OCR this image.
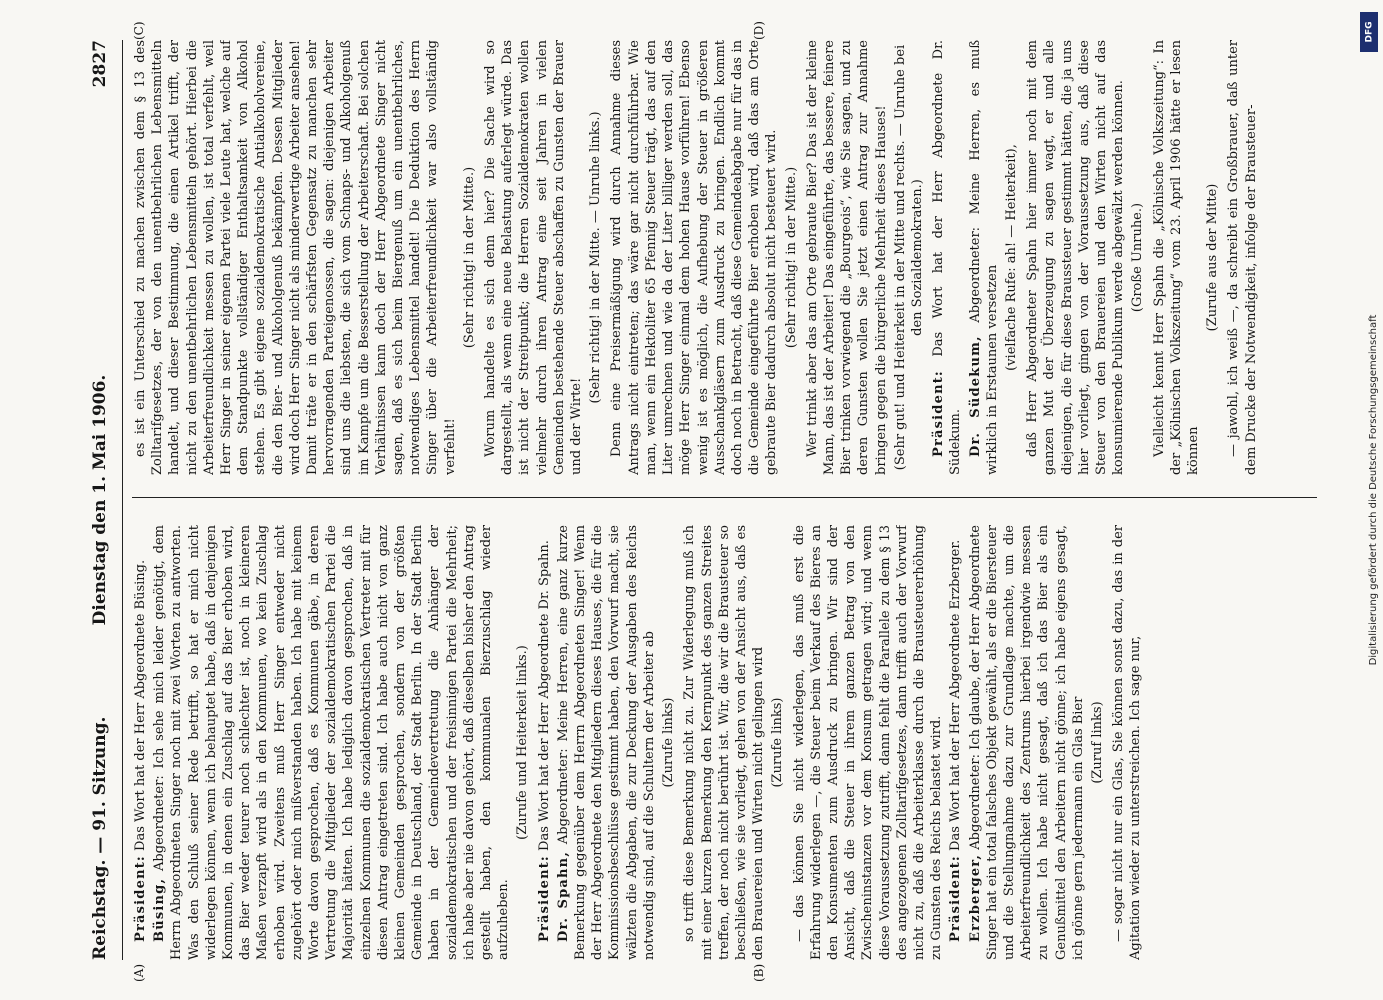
Reichstag. — 91. Sitzung.
Dienstag den 1. Mai 1906.
2827
(A)	(B)
(C)	(D)

Präsident: Das Wort hat der Herr Abgeordnete Büsing.

Büsing, Abgeordneter: Ich sehe mich leider genötigt, dem Herrn Abgeordneten Singer noch mit zwei Worten zu antworten. Was den Schluß seiner Rede betrifft, so hat er mich nicht widerlegen können, wenn ich behauptet habe, daß in denjenigen Kommunen, in denen ein Zuschlag auf das Bier erhoben wird, das Bier weder teurer noch schlechter ist, noch in kleineren Maßen verzapft wird als in den Kommunen, wo kein Zuschlag erhoben wird. Zweitens muß Herr Singer entweder nicht zugehört oder mich mißverstanden haben. Ich habe mit keinem Worte davon gesprochen, daß es Kommunen gäbe, in deren Vertretung die Mitglieder der sozialdemokratischen Partei die Majorität hätten. Ich habe lediglich davon gesprochen, daß in einzelnen Kommunen die sozialdemokratischen Vertreter mit für diesen Antrag eingetreten sind. Ich habe auch nicht von ganz kleinen Gemeinden gesprochen, sondern von der größten Gemeinde in Deutschland, der Stadt Berlin. In der Stadt Berlin haben in der Gemeindevertretung die Anhänger der sozialdemokratischen und der freisinnigen Partei die Mehrheit; ich habe aber nie davon gehört, daß dieselben bisher den Antrag gestellt haben, den kommunalen Bierzuschlag wieder aufzuheben.

(Zurufe und Heiterkeit links.)

Präsident: Das Wort hat der Herr Abgeordnete Dr. Spahn.

Dr. Spahn, Abgeordneter: Meine Herren, eine ganz kurze Bemerkung gegenüber dem Herrn Abgeordneten Singer! Wenn der Herr Abgeordnete den Mitgliedern dieses Hauses, die für die Kommissionsbeschlüsse gestimmt haben, den Vorwurf macht, sie wälzten die Abgaben, die zur Deckung der Ausgaben des Reichs notwendig sind, auf die Schultern der Arbeiter ab (Zurufe links) so trifft diese Bemerkung nicht zu. Zur Widerlegung muß ich mit einer kurzen Bemerkung den Kernpunkt des ganzen Streites treffen, der noch nicht berührt ist. Wir, die wir die Brausteuer so beschließen, wie sie vorliegt, gehen von der Ansicht aus, daß es den Brauereien und Wirten nicht gelingen wird (Zurufe links) — das können Sie nicht widerlegen, das muß erst die Erfahrung widerlegen —, die Steuer beim Verkauf des Bieres an den Konsumenten zum Ausdruck zu bringen. Wir sind der Ansicht, daß die Steuer in ihrem ganzen Betrag von den Zwischeninstanzen vor dem Konsum getragen wird; und wenn diese Voraussetzung zutrifft, dann fehlt die Parallele zu dem § 13 des angezogenen Zolltarifgesetzes, dann trifft auch der Vorwurf nicht zu, daß die Arbeiterklasse durch die Brausteuererhöhung zu Gunsten des Reichs belastet wird. Präsident: Das Wort hat der Herr Abgeordnete Erzberger.

Erzberger, Abgeordneter: Ich glaube, der Herr Abgeordnete Singer hat ein total falsches Objekt gewählt, als er die Biersteuer und die Stellungnahme dazu zur Grundlage machte, um die Arbeiterfreundlichkeit des Zentrums hierbei irgendwie messen zu wollen. Ich habe nicht gesagt, daß ich das Bier als ein Genußmittel den Arbeitern nicht gönne; ich habe eigens gesagt, ich gönne gern jedermann ein Glas Bier (Zuruf links) — sogar nicht nur ein Glas, Sie können sonst dazu, das in der Agitation wieder zu unterstreichen. Ich sage nur,

es ist ein Unterschied zu machen zwischen dem § 13 des Zolltarifgesetzes, der von den unentbehrlichen Lebensmitteln handelt, und dieser Bestimmung, die einen Artikel trifft, der nicht zu den unentbehrlichen Lebensmitteln gehört. Hierbei die Arbeiterfreundlichkeit messen zu wollen, ist total verfehlt, weil Herr Singer in seiner eigenen Partei viele Leute hat, welche auf dem Standpunkte vollständiger Enthaltsamkeit von Alkohol stehen. Es gibt eigene sozialdemokratische Antialkoholvereine, die den Bier- und Alkoholgenuß bekämpfen. Dessen Mitglieder wird doch Herr Singer nicht als minderwertige Arbeiter ansehen! Damit träte er in den schärfsten Gegensatz zu manchen sehr hervorragenden Parteigenossen, die sagen: diejenigen Arbeiter sind uns die liebsten, die sich vom Schnaps- und Alkoholgenuß im Kampfe um die Besserstellung der Arbeiterschaft. Bei solchen Verhältnissen kann doch der Herr Abgeordnete Singer nicht sagen, daß es sich beim Biergenuß um ein unentbehrliches, notwendiges Lebensmittel handelt! Die Deduktion des Herrn Singer über die Arbeiterfreundlichkeit war also vollständig verfehlt!

(Sehr richtig! in der Mitte.) Worum handelte es sich denn hier? Die Sache wird so dargestellt, als wenn eine neue Belastung auferlegt würde. Das ist nicht der Streitpunkt; die Herren Sozialdemokraten wollen vielmehr durch ihren Antrag eine seit Jahren in vielen Gemeinden bestehende Steuer abschaffen zu Gunsten der Brauer und der Wirte!

(Sehr richtig! in der Mitte. — Unruhe links.) Denn eine Preisermäßigung wird durch Annahme dieses Antrags nicht eintreten; das wäre gar nicht durchführbar. Wie man, wenn ein Hektoliter 65 Pfennig Steuer trägt, das auf den Liter umrechnen und wie da der Liter billiger werden soll, das möge Herr Singer einmal dem hohen Hause vorführen! Ebenso wenig ist es möglich, die Aufhebung der Steuer in größeren Ausschankgläsern zum Ausdruck zu bringen. Endlich kommt doch noch in Betracht, daß diese Gemeindeabgabe nur für das in die Gemeinde eingeführte Bier erhoben wird, daß das am Orte gebraute Bier dadurch absolut nicht besteuert wird. (Sehr richtig! in der Mitte.) Wer trinkt aber das am Orte gebraute Bier? Das ist der kleine Mann, das ist der Arbeiter! Das eingeführte, das bessere, feinere Bier trinken vorwiegend die „Bourgeois“, wie Sie sagen, und zu deren Gunsten wollen Sie jetzt einen Antrag zur Annahme bringen gegen die bürgerliche Mehrheit dieses Hauses! (Sehr gut! und Heiterkeit in der Mitte und rechts. — Unruhe bei den Sozialdemokraten.)

Präsident: Das Wort hat der Herr Abgeordnete Dr. Südekum. Dr. Südekum, Abgeordneter: Meine Herren, es muß wirklich in Erstaunen versetzen (vielfache Rufe: ah! — Heiterkeit), daß Herr Abgeordneter Spahn hier immer noch mit dem ganzen Mut der Überzeugung zu sagen wagt, er und alle diejenigen, die für diese Braussteuer gestimmt hätten, die ja uns hier vorliegt, gingen von der Voraussetzung aus, daß diese Steuer von den Brauereien und den Wirten nicht auf das konsumierende Publikum werde abgewälzt werden können. (Große Unruhe.) Vielleicht kennt Herr Spahn die „Kölnische Volkszeitung“: In der „Kölnischen Volkszeitung“ vom 23. April 1906 hätte er lesen können

(Zurufe aus der Mitte) — jawohl, ich weiß —, da schreibt ein Großbrauer, daß unter dem Drucke der Notwendigkeit, infolge der Brausteuer-

DFG
Digitalisierung gefördert durch die Deutsche Forschungsgemeinschaft
